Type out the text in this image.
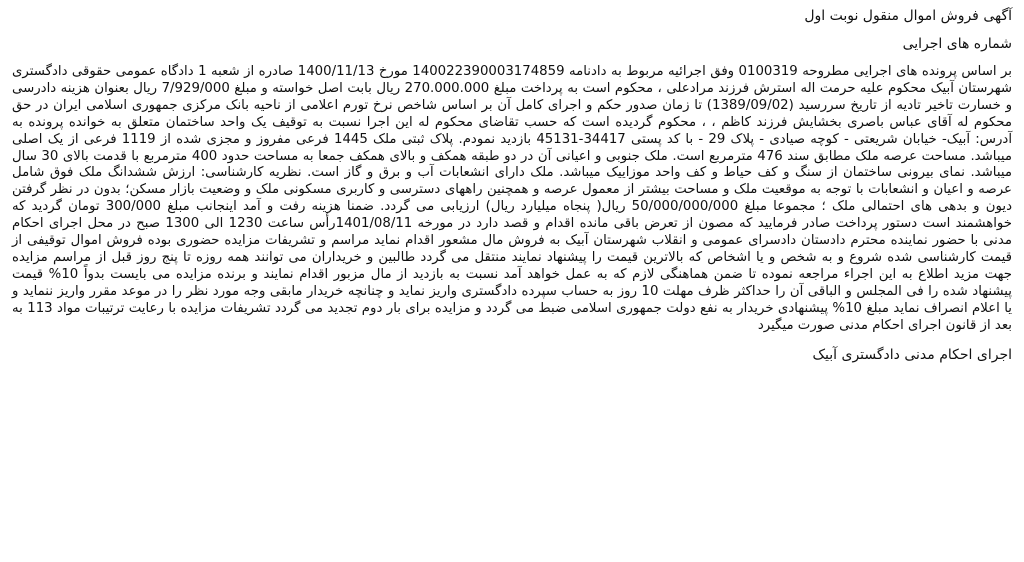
آگهی فروش اموال منقول نوبت اول
شماره های اجرایی

بر اساس پرونده های اجرایی مطروحه 0100319 وفق اجرائیه مربوط به دادنامه 140022390003174859 مورخ 1400/11/13 صادره از شعبه 1 دادگاه عمومی حقوقی دادگستری شهرستان آبیک محکوم علیه حرمت اله استرش فرزند مرادعلی ، محکوم است به پرداخت مبلغ 270.000.000 ریال بابت اصل خواسته و مبلغ 7/929/000 ریال بعنوان هزینه دادرسی و خسارت تاخیر تادیه از تاریخ سررسید (1389/09/02) تا زمان صدور حکم و اجرای کامل آن بر اساس شاخص نرخ تورم اعلامی از ناحیه بانک مرکزی جمهوری اسلامی ایران در حق محکوم له آقای عباس باصری بخشایش فرزند کاظم ، ، محکوم گردیده است که حسب تقاضای محکوم له این اجرا نسبت به توقیف یک واحد ساختمان متعلق به خوانده پرونده به آدرس: آبیک- خیابان شریعتی - کوچه صیادی - پلاک 29 - با کد پستی 34417-45131 بازدید نمودم. پلاک ثبتی ملک 1445 فرعی مفروز و مجزی شده از 1119 فرعی از یک اصلی میباشد. مساحت عرصه ملک مطابق سند 476 مترمربع است. ملک جنوبی و اعیانی آن در دو طبقه همکف و بالای همکف جمعا به مساحت حدود 400 مترمربع با قدمت بالای 30 سال میباشد. نمای بیرونی ساختمان از سنگ و کف حیاط و کف واحد موزاییک میباشد. ملک دارای انشعابات آب و برق و گاز است. نظریه کارشناسی: ارزش ششدانگ ملک فوق شامل عرصه و اعیان و انشعابات با توجه به موقعیت ملک و مساحت بیشتر از معمول عرصه و همچنین راههای دسترسی و کاربری مسکونی ملک و وضعیت بازار مسکن؛ بدون در نظر گرفتن دیون و بدهی های احتمالی ملک ؛ مجموعا مبلغ 50/000/000/000 ریال( پنجاه میلیارد ریال) ارزیابی می گردد. ضمنا هزینه رفت و آمد اینجانب مبلغ 300/000 تومان گردید که خواهشمند است دستور پرداخت صادر فرمایید که مصون از تعرض باقی مانده اقدام و قصد دارد در مورخه 1401/08/11رأس ساعت 1230 الی 1300 صبح در محل اجرای احکام مدنی با حضور نماینده محترم دادستان دادسرای عمومی و انقلاب شهرستان آبیک به فروش مال مشعور اقدام نماید مراسم و تشریفات مزایده حضوری بوده فروش اموال توقیفی از قیمت کارشناسی شده شروع و به شخص و یا اشخاص که بالاترین قیمت را پیشنهاد نمایند منتقل می گردد طالبین و خریداران می توانند همه روزه تا پنج روز قبل از مراسم مزایده جهت مزید اطلاع به این اجراء مراجعه نموده تا ضمن هماهنگی لازم که به عمل خواهد آمد نسبت به بازدید از مال مزبور اقدام نمایند و برنده مزایده می بایست بدواً 10% قیمت پیشنهاد شده را فی المجلس و الباقی آن را حداکثر ظرف مهلت 10 روز به حساب سپرده دادگستری واریز نماید و چنانچه خریدار مابقی وجه مورد نظر را در موعد مقرر واریز ننماید و یا اعلام انصراف نماید مبلغ 10% پیشنهادی خریدار به نفع دولت جمهوری اسلامی ضبط می گردد و مزایده برای بار دوم تجدید می گردد تشریفات مزایده با رعایت ترتیبات مواد 113 به بعد از قانون اجرای احکام مدنی صورت میگیرد

اجرای احکام مدنی دادگستری آبیک
